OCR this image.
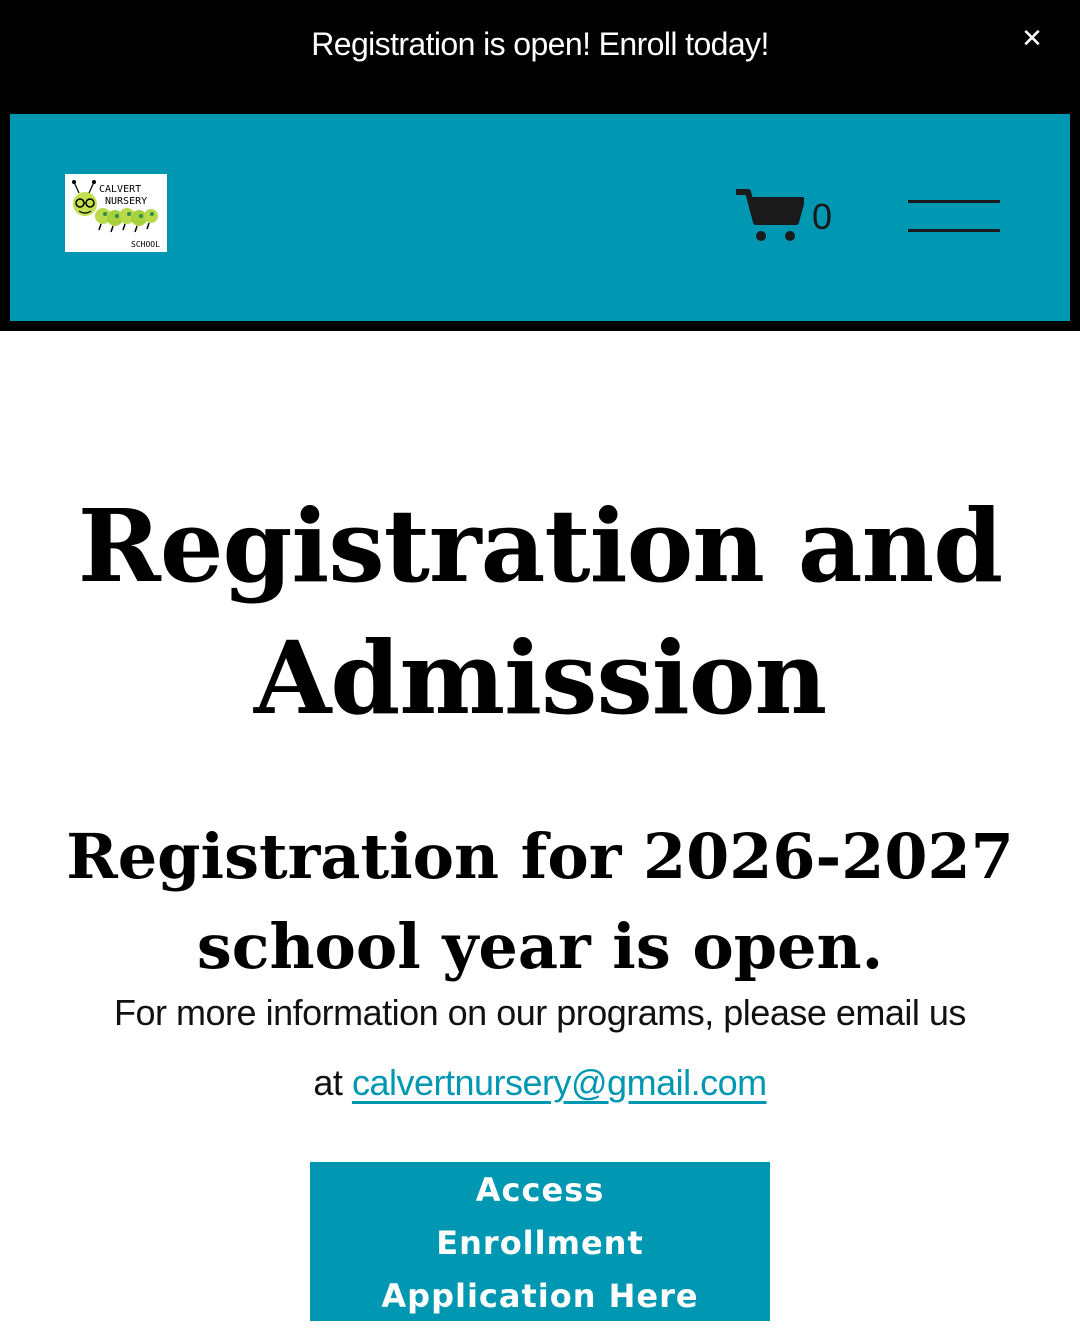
Registration is open! Enroll today!	✕
CALVERT
NURSERY
SCHOOL
0
Registration and
Admission
Registration for 2026-2027
school year is open.

For more information on our programs, please email us

at calvertnursery@gmail.com

Access Enrollment Application Here
